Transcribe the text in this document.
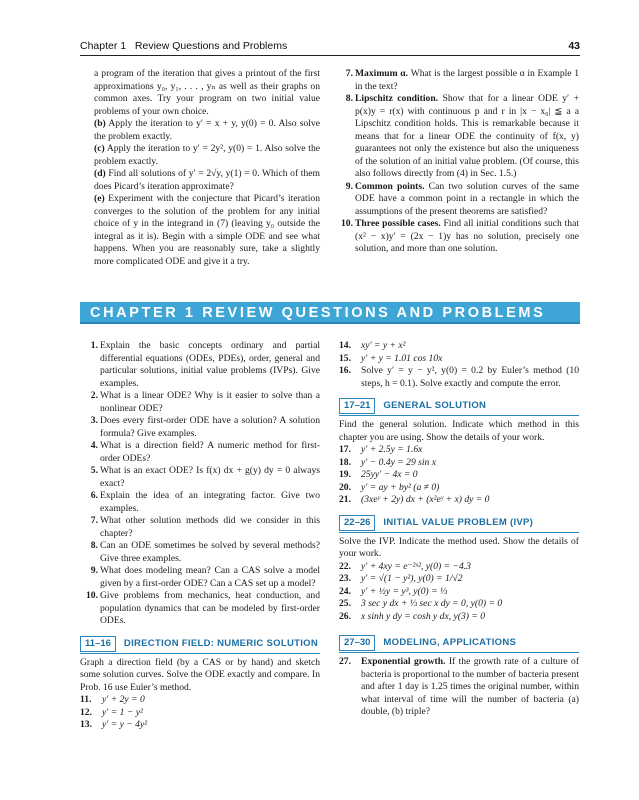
Chapter 1 Review Questions and Problems	43

a program of the iteration that gives a printout of the first approximations y₀, y₁, . . . , yₙ as well as their graphs on common axes. Try your program on two initial value problems of your own choice.

(b) Apply the iteration to y′ = x + y, y(0) = 0. Also solve the problem exactly.

(c) Apply the iteration to y′ = 2y², y(0) = 1. Also solve the problem exactly.

(d) Find all solutions of y′ = 2√y, y(1) = 0. Which of them does Picard’s iteration approximate?

(e) Experiment with the conjecture that Picard’s iteration converges to the solution of the problem for any initial choice of y in the integrand in (7) (leaving y₀ outside the integral as it is). Begin with a simple ODE and see what happens. When you are reasonably sure, take a slightly more complicated ODE and give it a try.

7. Maximum α. What is the largest possible α in Example 1 in the text?
8. Lipschitz condition. Show that for a linear ODE y′ + p(x)y = r(x) with continuous p and r in |x − x₀| ≦ a a Lipschitz condition holds. This is remarkable because it means that for a linear ODE the continuity of f(x, y) guarantees not only the existence but also the uniqueness of the solution of an initial value problem. (Of course, this also follows directly from (4) in Sec. 1.5.)
9. Common points. Can two solution curves of the same ODE have a common point in a rectangle in which the assumptions of the present theorems are satisfied?
10. Three possible cases. Find all initial conditions such that (x² − x)y′ = (2x − 1)y has no solution, precisely one solution, and more than one solution.
CHAPTER 1 REVIEW QUESTIONS AND PROBLEMS
1. Explain the basic concepts ordinary and partial differential equations (ODEs, PDEs), order, general and particular solutions, initial value problems (IVPs). Give examples.
2. What is a linear ODE? Why is it easier to solve than a nonlinear ODE?
3. Does every first-order ODE have a solution? A solution formula? Give examples.
4. What is a direction field? A numeric method for first-order ODEs?
5. What is an exact ODE? Is f(x) dx + g(y) dy = 0 always exact?
6. Explain the idea of an integrating factor. Give two examples.
7. What other solution methods did we consider in this chapter?
8. Can an ODE sometimes be solved by several methods? Give three examples.
9. What does modeling mean? Can a CAS solve a model given by a first-order ODE? Can a CAS set up a model?
10. Give problems from mechanics, heat conduction, and population dynamics that can be modeled by first-order ODEs.
11–16 DIRECTION FIELD: NUMERIC SOLUTION

Graph a direction field (by a CAS or by hand) and sketch some solution curves. Solve the ODE exactly and compare. In Prob. 16 use Euler’s method.

11.	y′ + 2y = 0
12.	y′ = 1 − y²
13.	y′ = y − 4y²
14.	xy′ = y + x²
15.	y′ + y = 1.01 cos 10x
16.	Solve y′ = y − y², y(0) = 0.2 by Euler’s method (10 steps, h = 0.1). Solve exactly and compute the error.
17–21 GENERAL SOLUTION

Find the general solution. Indicate which method in this chapter you are using. Show the details of your work.

17.	y′ + 2.5y = 1.6x
18.	y′ − 0.4y = 29 sin x
19.	25yy′ − 4x = 0
20.	y′ = ay + by² (a ≠ 0)
21.	(3xeʸ + 2y) dx + (x²eʸ + x) dy = 0
22–26 INITIAL VALUE PROBLEM (IVP)

Solve the IVP. Indicate the method used. Show the details of your work.

22.	y′ + 4xy = e⁻²ˣ², y(0) = −4.3
23.	y′ = √(1 − y²), y(0) = 1/√2
24.	y′ + ½y = y³, y(0) = ⅓
25.	3 sec y dx + ⅓ sec x dy = 0, y(0) = 0
26.	x sinh y dy = cosh y dx, y(3) = 0
27–30 MODELING, APPLICATIONS
27.	Exponential growth. If the growth rate of a culture of bacteria is proportional to the number of bacteria present and after 1 day is 1.25 times the original number, within what interval of time will the number of bacteria (a) double, (b) triple?
